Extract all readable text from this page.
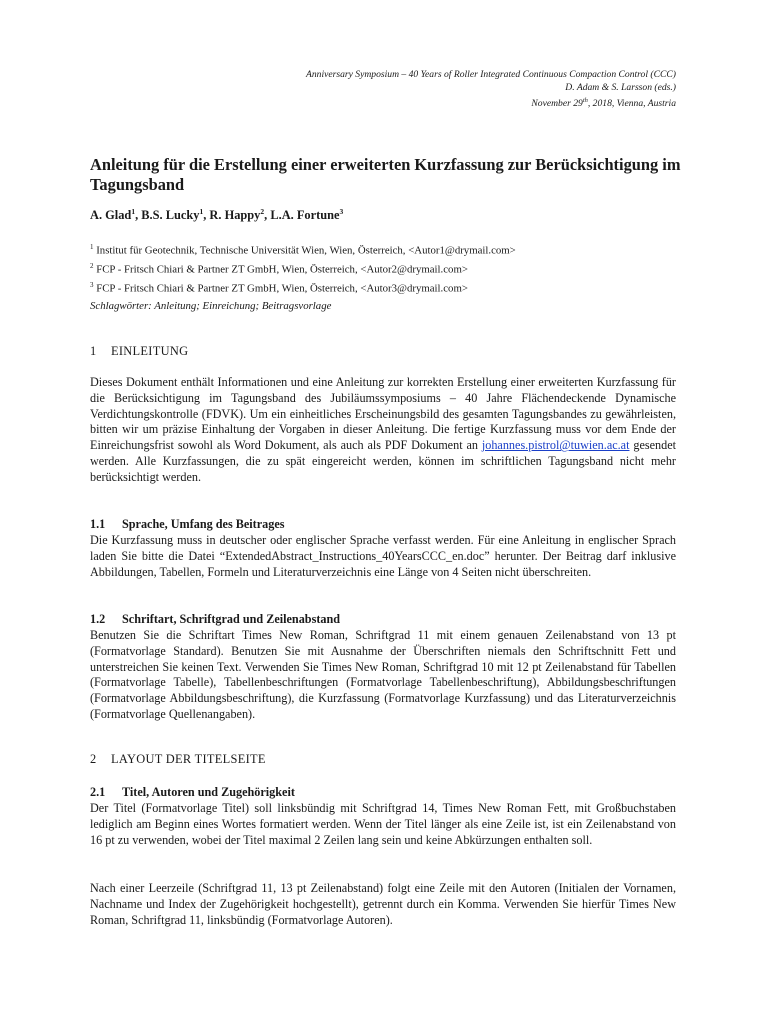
Anniversary Symposium – 40 Years of Roller Integrated Continuous Compaction Control (CCC)
D. Adam & S. Larsson (eds.)
November 29th, 2018, Vienna, Austria
Anleitung für die Erstellung einer erweiterten Kurzfassung zur Berücksichtigung im Tagungsband
A. Glad$^1$, B.S. Lucky$^1$, R. Happy$^2$, L.A. Fortune$^3$
$^1$ Institut für Geotechnik, Technische Universität Wien, Wien, Österreich, <Autor1@drymail.com>
$^2$ FCP - Fritsch Chiari & Partner ZT GmbH, Wien, Österreich, <Autor2@drymail.com>
$^3$ FCP - Fritsch Chiari & Partner ZT GmbH, Wien, Österreich, <Autor3@drymail.com>
Schlagwörter: Anleitung; Einreichung; Beitragsvorlage
1 EINLEITUNG

Dieses Dokument enthält Informationen und eine Anleitung zur korrekten Erstellung einer erweiterten Kurzfassung für die Berücksichtigung im Tagungsband des Jubiläumssymposiums – 40 Jahre Flächendeckende Dynamische Verdichtungskontrolle (FDVK). Um ein einheitliches Erscheinungsbild des gesamten Tagungsbandes zu gewährleisten, bitten wir um präzise Einhaltung der Vorgaben in dieser Anleitung. Die fertige Kurzfassung muss vor dem Ende der Einreichungsfrist sowohl als Word Dokument, als auch als PDF Dokument an johannes.pistrol@tuwien.ac.at gesendet werden. Alle Kurzfassungen, die zu spät eingereicht werden, können im schriftlichen Tagungsband nicht mehr berücksichtigt werden.

1.1 Sprache, Umfang des Beitrages

Die Kurzfassung muss in deutscher oder englischer Sprache verfasst werden. Für eine Anleitung in englischer Sprach laden Sie bitte die Datei “ExtendedAbstract_Instructions_40YearsCCC_en.doc” herunter. Der Beitrag darf inklusive Abbildungen, Tabellen, Formeln und Literaturverzeichnis eine Länge von 4 Seiten nicht überschreiten.

1.2 Schriftart, Schriftgrad und Zeilenabstand

Benutzen Sie die Schriftart Times New Roman, Schriftgrad 11 mit einem genauen Zeilenabstand von 13 pt (Formatvorlage Standard). Benutzen Sie mit Ausnahme der Überschriften niemals den Schriftschnitt Fett und unterstreichen Sie keinen Text. Verwenden Sie Times New Roman, Schriftgrad 10 mit 12 pt Zeilenabstand für Tabellen (Formatvorlage Tabelle), Tabellenbeschriftungen (Formatvorlage Tabellenbeschriftung), Abbildungsbeschriftungen (Formatvorlage Abbildungsbeschriftung), die Kurzfassung (Formatvorlage Kurzfassung) und das Literaturverzeichnis (Formatvorlage Quellenangaben).

2 LAYOUT DER TITELSEITE
2.1 Titel, Autoren und Zugehörigkeit

Der Titel (Formatvorlage Titel) soll linksbündig mit Schriftgrad 14, Times New Roman Fett, mit Großbuchstaben lediglich am Beginn eines Wortes formatiert werden. Wenn der Titel länger als eine Zeile ist, ist ein Zeilenabstand von 16 pt zu verwenden, wobei der Titel maximal 2 Zeilen lang sein und keine Abkürzungen enthalten soll.

Nach einer Leerzeile (Schriftgrad 11, 13 pt Zeilenabstand) folgt eine Zeile mit den Autoren (Initialen der Vornamen, Nachname und Index der Zugehörigkeit hochgestellt), getrennt durch ein Komma. Verwenden Sie hierfür Times New Roman, Schriftgrad 11, linksbündig (Formatvorlage Autoren).
